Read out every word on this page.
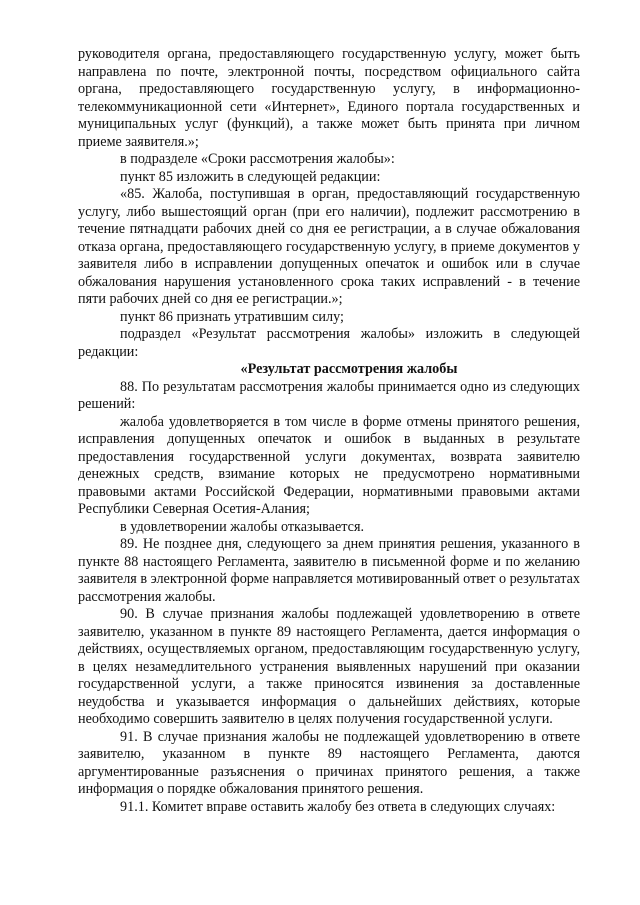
руководителя органа, предоставляющего государственную услугу, может быть направлена по почте, электронной почты, посредством официального сайта органа, предоставляющего государственную услугу, в информационно-телекоммуникационной сети «Интернет», Единого портала государственных и муниципальных услуг (функций), а также может быть принята при личном приеме заявителя.»;

в подразделе «Сроки рассмотрения жалобы»:

пункт 85 изложить в следующей редакции:

«85. Жалоба, поступившая в орган, предоставляющий государственную услугу, либо вышестоящий орган (при его наличии), подлежит рассмотрению в течение пятнадцати рабочих дней со дня ее регистрации, а в случае обжалования отказа органа, предоставляющего государственную услугу, в приеме документов у заявителя либо в исправлении допущенных опечаток и ошибок или в случае обжалования нарушения установленного срока таких исправлений - в течение пяти рабочих дней со дня ее регистрации.»;

пункт 86 признать утратившим силу;

подраздел «Результат рассмотрения жалобы» изложить в следующей редакции:

«Результат рассмотрения жалобы

88. По результатам рассмотрения жалобы принимается одно из следующих решений:

жалоба удовлетворяется в том числе в форме отмены принятого решения, исправления допущенных опечаток и ошибок в выданных в результате предоставления государственной услуги документах, возврата заявителю денежных средств, взимание которых не предусмотрено нормативными правовыми актами Российской Федерации, нормативными правовыми актами Республики Северная Осетия-Алания;

в удовлетворении жалобы отказывается.

89. Не позднее дня, следующего за днем принятия решения, указанного в пункте 88 настоящего Регламента, заявителю в письменной форме и по желанию заявителя в электронной форме направляется мотивированный ответ о результатах рассмотрения жалобы.

90. В случае признания жалобы подлежащей удовлетворению в ответе заявителю, указанном в пункте 89 настоящего Регламента, дается информация о действиях, осуществляемых органом, предоставляющим государственную услугу, в целях незамедлительного устранения выявленных нарушений при оказании государственной услуги, а также приносятся извинения за доставленные неудобства и указывается информация о дальнейших действиях, которые необходимо совершить заявителю в целях получения государственной услуги.

91. В случае признания жалобы не подлежащей удовлетворению в ответе заявителю, указанном в пункте 89 настоящего Регламента, даются аргументированные разъяснения о причинах принятого решения, а также информация о порядке обжалования принятого решения.

91.1. Комитет вправе оставить жалобу без ответа в следующих случаях:
